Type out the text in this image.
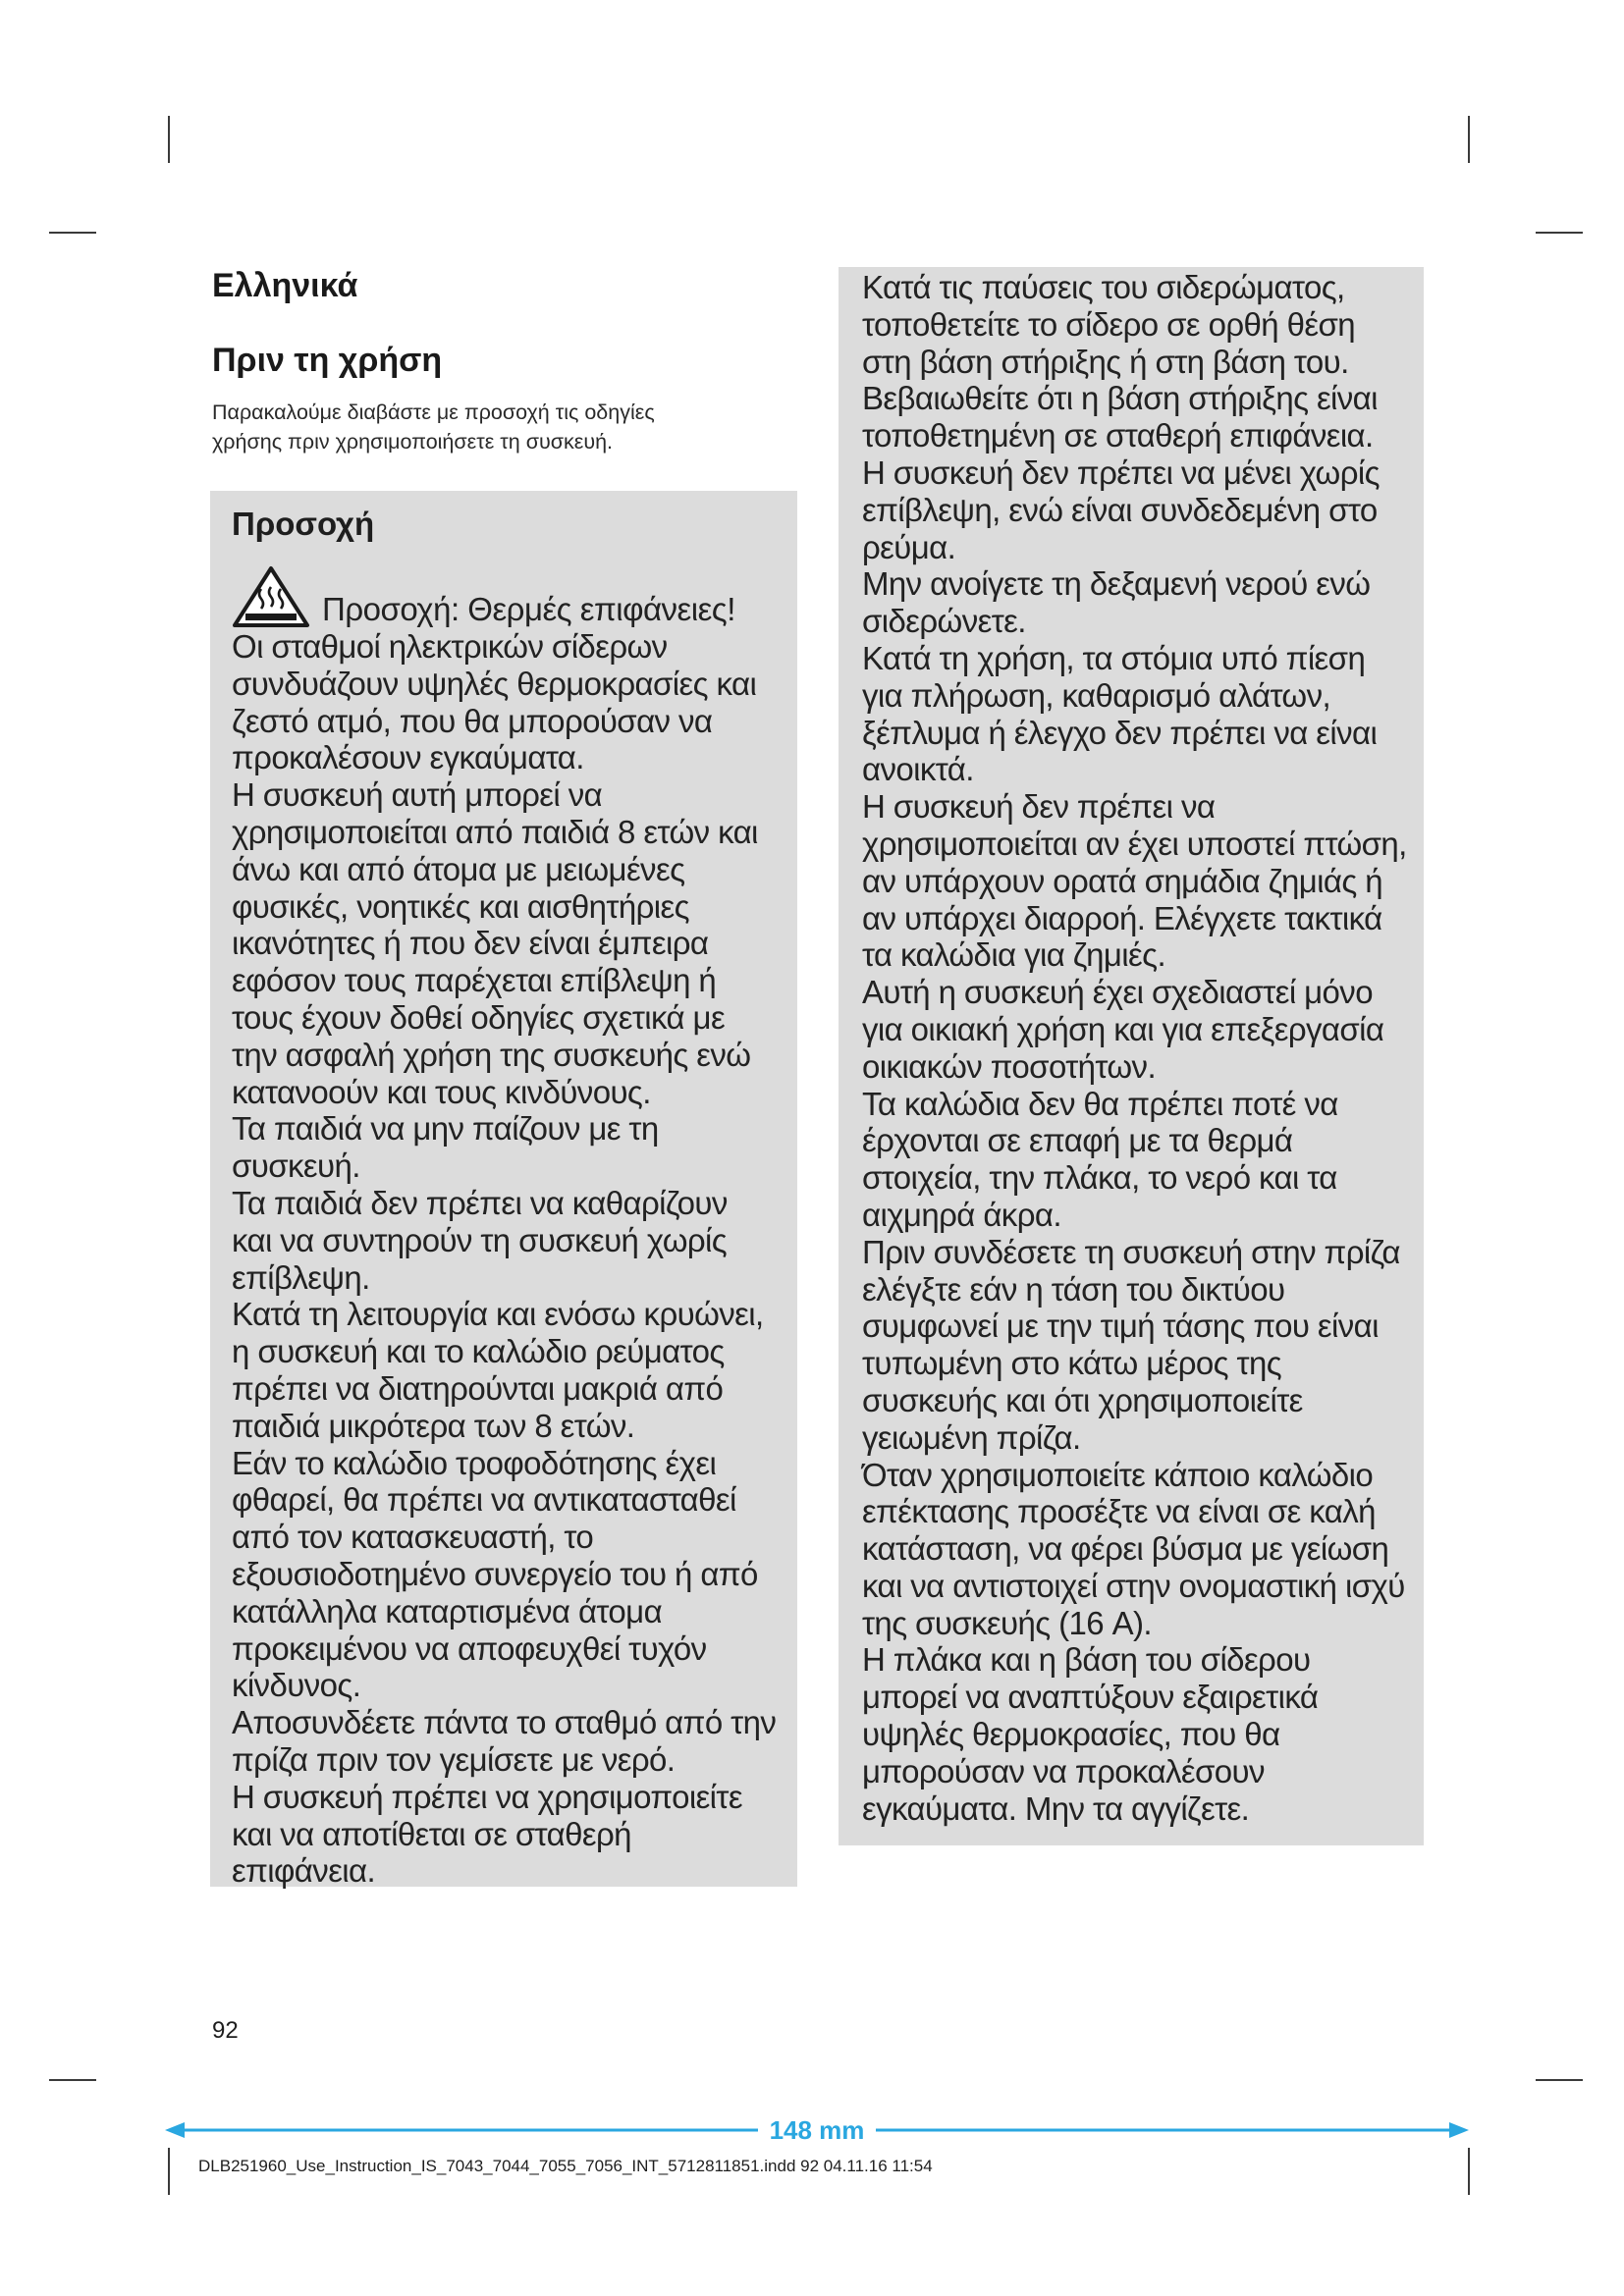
Ελληνικά
Πριν τη χρήση

Παρακαλούμε διαβάστε με προσοχή τις οδηγίες
χρήσης πριν χρησιμοποιήσετε τη συσκευή.

Προσοχή
Προσοχή: Θερμές επιφάνειες!

Οι σταθμοί ηλεκτρικών σίδερων
συνδυάζουν υψηλές θερμοκρασίες και
ζεστό ατμό, που θα μπορούσαν να
προκαλέσουν εγκαύματα.

Η συσκευή αυτή μπορεί να
χρησιμοποιείται από παιδιά 8 ετών και
άνω και από άτομα με μειωμένες
φυσικές, νοητικές και αισθητήριες
ικανότητες ή που δεν είναι έμπειρα
εφόσον τους παρέχεται επίβλεψη ή
τους έχουν δοθεί οδηγίες σχετικά με
την ασφαλή χρήση της συσκευής ενώ
κατανοούν και τους κινδύνους.

Τα παιδιά να μην παίζουν με τη
συσκευή.

Τα παιδιά δεν πρέπει να καθαρίζουν
και να συντηρούν τη συσκευή χωρίς
επίβλεψη.

Κατά τη λειτουργία και ενόσω κρυώνει,
η συσκευή και το καλώδιο ρεύματος
πρέπει να διατηρούνται μακριά από
παιδιά μικρότερα των 8 ετών.

Εάν το καλώδιο τροφοδότησης έχει
φθαρεί, θα πρέπει να αντικατασταθεί
από τον κατασκευαστή, το
εξουσιοδοτημένο συνεργείο του ή από
κατάλληλα καταρτισμένα άτομα
προκειμένου να αποφευχθεί τυχόν
κίνδυνος.

Αποσυνδέετε πάντα το σταθμό από την
πρίζα πριν τον γεμίσετε με νερό.

Η συσκευή πρέπει να χρησιμοποιείτε
και να αποτίθεται σε σταθερή
επιφάνεια.

Κατά τις παύσεις του σιδερώματος,
τοποθετείτε το σίδερο σε ορθή θέση
στη βάση στήριξης ή στη βάση του.
Βεβαιωθείτε ότι η βάση στήριξης είναι
τοποθετημένη σε σταθερή επιφάνεια.

Η συσκευή δεν πρέπει να μένει χωρίς
επίβλεψη, ενώ είναι συνδεδεμένη στο
ρεύμα.

Μην ανοίγετε τη δεξαμενή νερού ενώ
σιδερώνετε.

Κατά τη χρήση, τα στόμια υπό πίεση
για πλήρωση, καθαρισμό αλάτων,
ξέπλυμα ή έλεγχο δεν πρέπει να είναι
ανοικτά.

Η συσκευή δεν πρέπει να
χρησιμοποιείται αν έχει υποστεί πτώση,
αν υπάρχουν ορατά σημάδια ζημιάς ή
αν υπάρχει διαρροή. Ελέγχετε τακτικά
τα καλώδια για ζημιές.

Αυτή η συσκευή έχει σχεδιαστεί μόνο
για οικιακή χρήση και για επεξεργασία
οικιακών ποσοτήτων.

Τα καλώδια δεν θα πρέπει ποτέ να
έρχονται σε επαφή με τα θερμά
στοιχεία, την πλάκα, το νερό και τα
αιχμηρά άκρα.

Πριν συνδέσετε τη συσκευή στην πρίζα
ελέγξτε εάν η τάση του δικτύου
συμφωνεί με την τιμή τάσης που είναι
τυπωμένη στο κάτω μέρος της
συσκευής και ότι χρησιμοποιείτε
γειωμένη πρίζα.

Όταν χρησιμοποιείτε κάποιο καλώδιο
επέκτασης προσέξτε να είναι σε καλή
κατάσταση, να φέρει βύσμα με γείωση
και να αντιστοιχεί στην ονομαστική ισχύ
της συσκευής (16 A).

Η πλάκα και η βάση του σίδερου
μπορεί να αναπτύξουν εξαιρετικά
υψηλές θερμοκρασίες, που θα
μπορούσαν να προκαλέσουν
εγκαύματα. Μην τα αγγίζετε.

92

148 mm

DLB251960_Use_Instruction_IS_7043_7044_7055_7056_INT_5712811851.indd 92 04.11.16 11:54
